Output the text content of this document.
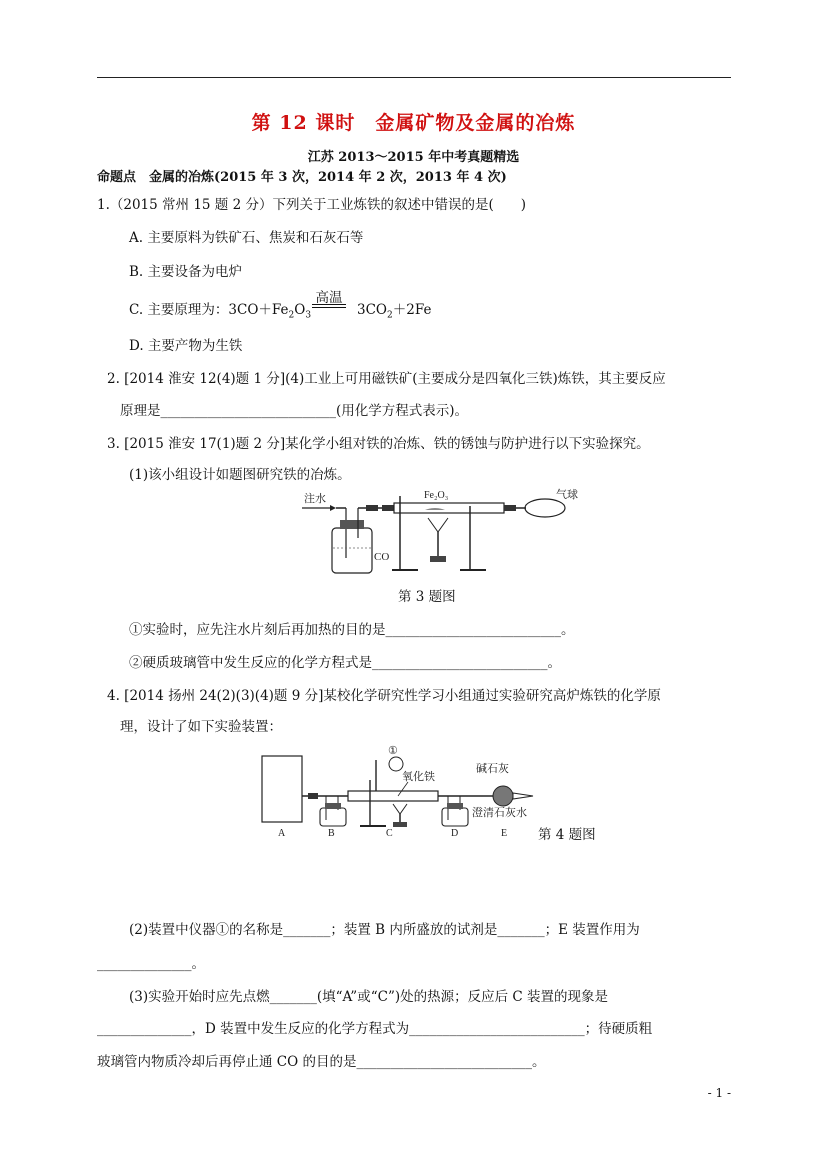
第 12 课时　金属矿物及金属的冶炼
江苏 2013～2015 年中考真题精选
命题点　金属的冶炼(2015 年 3 次，2014 年 2 次，2013 年 4 次)
1.（2015 常州 15 题 2 分）下列关于工业炼铁的叙述中错误的是(　　)
A. 主要原料为铁矿石、焦炭和石灰石等
B. 主要设备为电炉
C. 主要原理为：$3CO+Fe_2O_3$
高温
$3CO_2+2Fe$
D. 主要产物为生铁
2. [2014 淮安 12(4)题 1 分](4)工业上可用磁铁矿(主要成分是四氧化三铁)炼铁，其主要反应
原理是__________________________(用化学方程式表示)。
3. [2015 淮安 17(1)题 2 分]某化学小组对铁的冶炼、铁的锈蚀与防护进行以下实验探究。
(1)该小组设计如题图研究铁的冶炼。
注水	Fe₂O₃	气球
CO
第 3 题图
①实验时，应先注水片刻后再加热的目的是__________________________。
②硬质玻璃管中发生反应的化学方程式是__________________________。
4. [2014 扬州 24(2)(3)(4)题 9 分]某校化学研究性学习小组通过实验研究高炉炼铁的化学原
理，设计了如下实验装置：
①
氧化铁
碱石灰
澄清石灰水
A	B	C	D	E 第 4 题图
(2)装置中仪器①的名称是_______；装置 B 内所盛放的试剂是_______；E 装置作用为
______________。
(3)实验开始时应先点燃_______(填“A”或“C”)处的热源；反应后 C 装置的现象是
______________，D 装置中发生反应的化学方程式为__________________________；待硬质粗
玻璃管内物质冷却后再停止通 CO 的目的是__________________________。
- 1 -
